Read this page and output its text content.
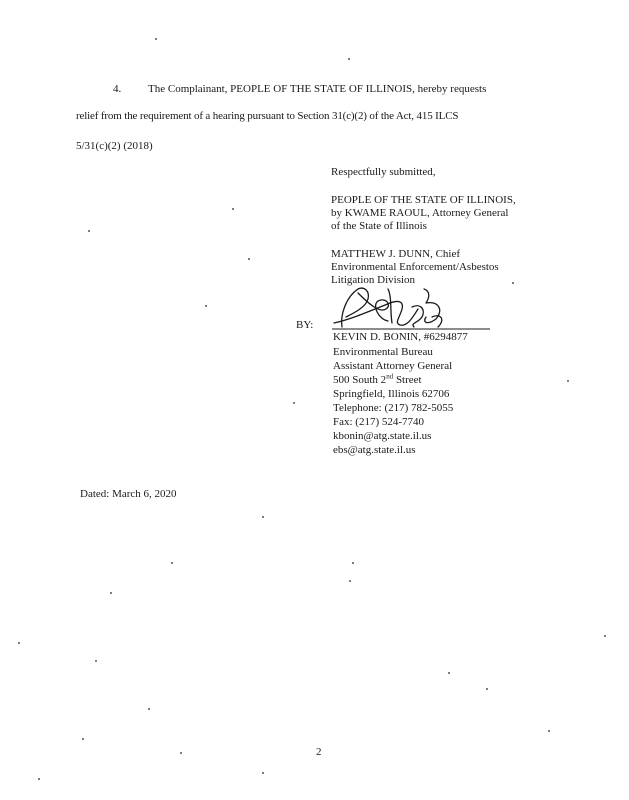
4. The Complainant, PEOPLE OF THE STATE OF ILLINOIS, hereby requests
relief from the requirement of a hearing pursuant to Section 31(c)(2) of the Act, 415 ILCS
5/31(c)(2) (2018)
Respectfully submitted,
PEOPLE OF THE STATE OF ILLINOIS,
by KWAME RAOUL, Attorney General
of the State of Illinois
MATTHEW J. DUNN, Chief
Environmental Enforcement/Asbestos
Litigation Division
BY:
KEVIN D. BONIN, #6294877
Environmental Bureau
Assistant Attorney General
500 South 2nd Street
Springfield, Illinois 62706
Telephone: (217) 782-5055
Fax: (217) 524-7740
kbonin@atg.state.il.us
ebs@atg.state.il.us
Dated: March 6, 2020
2
